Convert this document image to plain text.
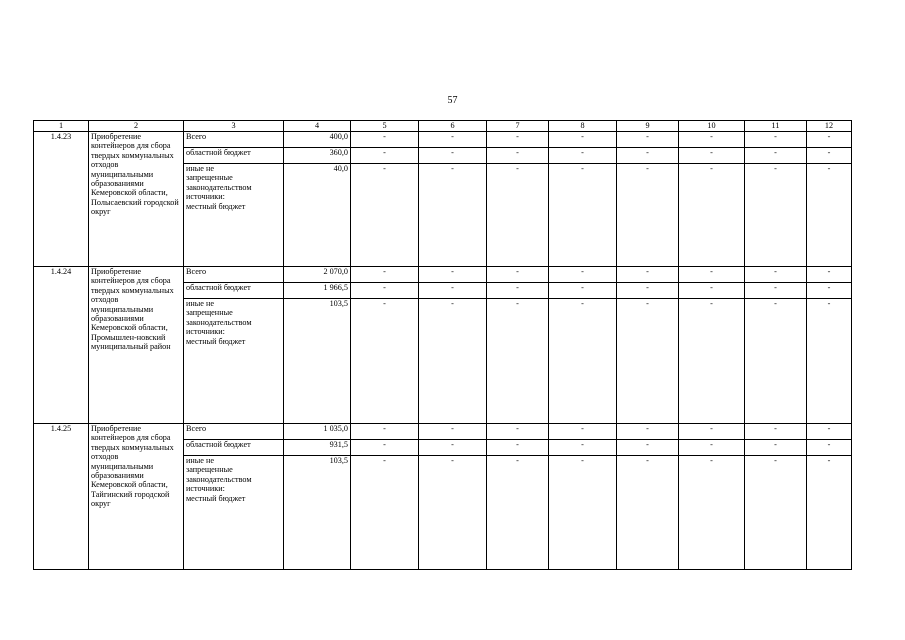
57
1	2	3	4	5	6	7	8	9	10	11	12
1.4.23	Приобретение контейнеров для сбора твердых коммунальных отходов муниципальными образованиями Кемеровской области, Полысаевский городской округ	Всего	400,0	-	-	-	-	-	-	-	-
		областной бюджет	360,0	-	-	-	-	-	-	-	-

		иные не
запрещенные
законодательством
источники:
местный бюджет	40,0	-	-	-	-	-	-	-	-
1.4.24	Приобретение контейнеров для сбора твердых коммунальных отходов муниципальными образованиями Кемеровской области, Промышлен-новский муниципальный район	Всего	2 070,0	-	-	-	-	-	-	-	-
		областной бюджет	1 966,5	-	-	-	-	-	-	-	-

		иные не
запрещенные
законодательством
источники:
местный бюджет	103,5	-	-	-	-	-	-	-	-
1.4.25	Приобретение контейнеров для сбора твердых коммунальных отходов муниципальными образованиями Кемеровской области, Тайгинский городской округ	Всего	1 035,0	-	-	-	-	-	-	-	-
		областной бюджет	931,5	-	-	-	-	-	-	-	-

		иные не
запрещенные
законодательством
источники:
местный бюджет	103,5	-	-	-	-	-	-	-	-
